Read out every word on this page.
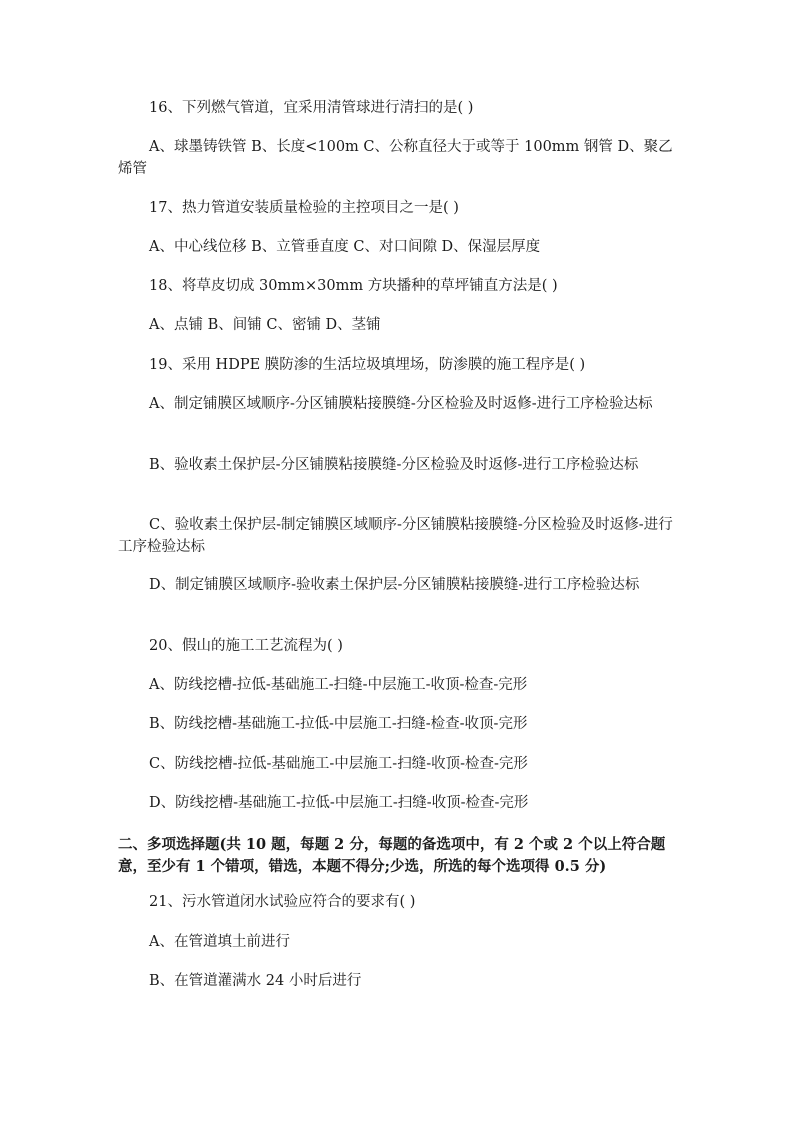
16、下列燃气管道，宜采用清管球进行清扫的是( )

A、球墨铸铁管 B、长度<100m C、公称直径大于或等于 100mm 钢管 D、聚乙烯管

17、热力管道安装质量检验的主控项目之一是( )

A、中心线位移 B、立管垂直度 C、对口间隙 D、保湿层厚度

18、将草皮切成 30mm×30mm 方块播种的草坪铺直方法是( )

A、点铺 B、间铺 C、密铺 D、茎铺

19、采用 HDPE 膜防渗的生活垃圾填埋场，防渗膜的施工程序是( )

A、制定铺膜区域顺序-分区铺膜粘接膜缝-分区检验及时返修-进行工序检验达标

B、验收素土保护层-分区铺膜粘接膜缝-分区检验及时返修-进行工序检验达标

C、验收素土保护层-制定铺膜区域顺序-分区铺膜粘接膜缝-分区检验及时返修-进行工序检验达标

D、制定铺膜区域顺序-验收素土保护层-分区铺膜粘接膜缝-进行工序检验达标

20、假山的施工工艺流程为( )

A、防线挖槽-拉低-基础施工-扫缝-中层施工-收顶-检查-完形

B、防线挖槽-基础施工-拉低-中层施工-扫缝-检查-收顶-完形

C、防线挖槽-拉低-基础施工-中层施工-扫缝-收顶-检查-完形

D、防线挖槽-基础施工-拉低-中层施工-扫缝-收顶-检查-完形

二、多项选择题(共 10 题，每题 2 分，每题的备选项中，有 2 个或 2 个以上符合题意，至少有 1 个错项，错选，本题不得分;少选，所选的每个选项得 0.5 分)

21、污水管道闭水试验应符合的要求有( )

A、在管道填土前进行

B、在管道灌满水 24 小时后进行
